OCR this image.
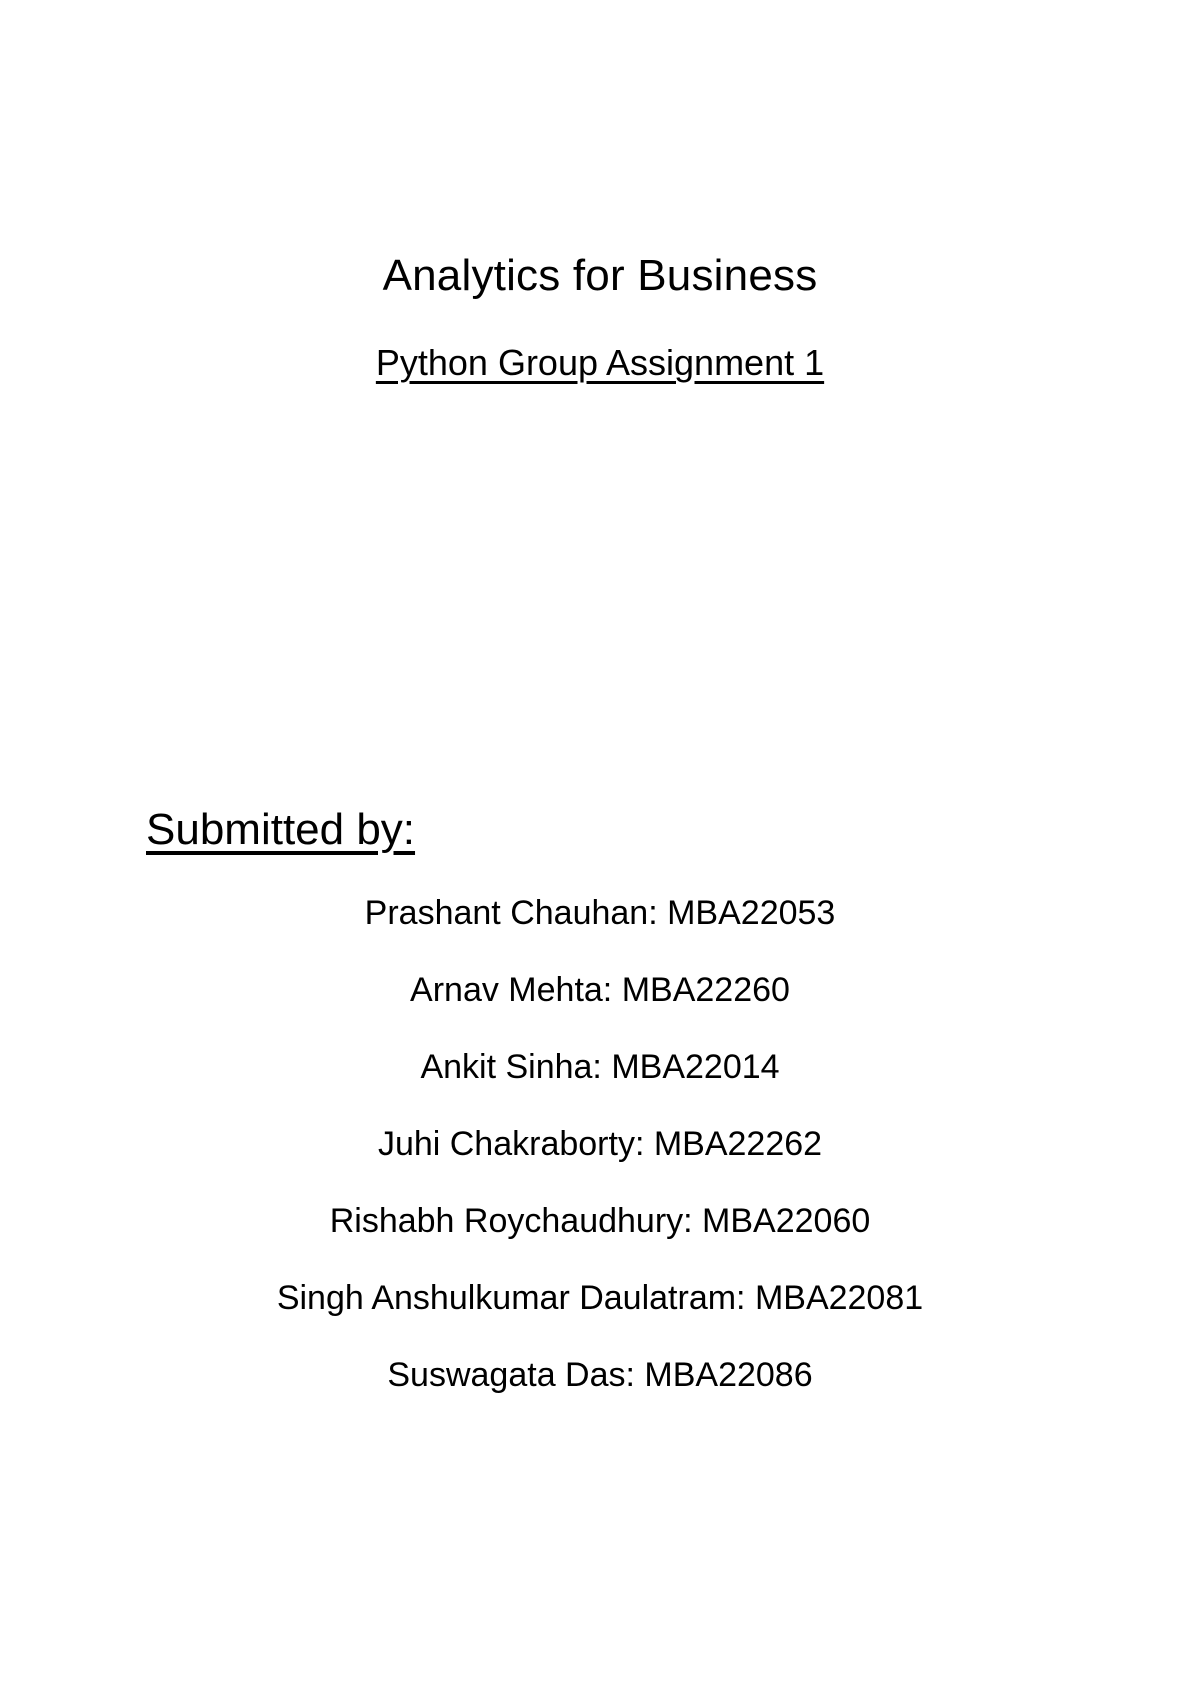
Analytics for Business
Python Group Assignment 1
Submitted by:
Prashant Chauhan: MBA22053
Arnav Mehta: MBA22260
Ankit Sinha: MBA22014
Juhi Chakraborty: MBA22262
Rishabh Roychaudhury: MBA22060
Singh Anshulkumar Daulatram: MBA22081
Suswagata Das: MBA22086
